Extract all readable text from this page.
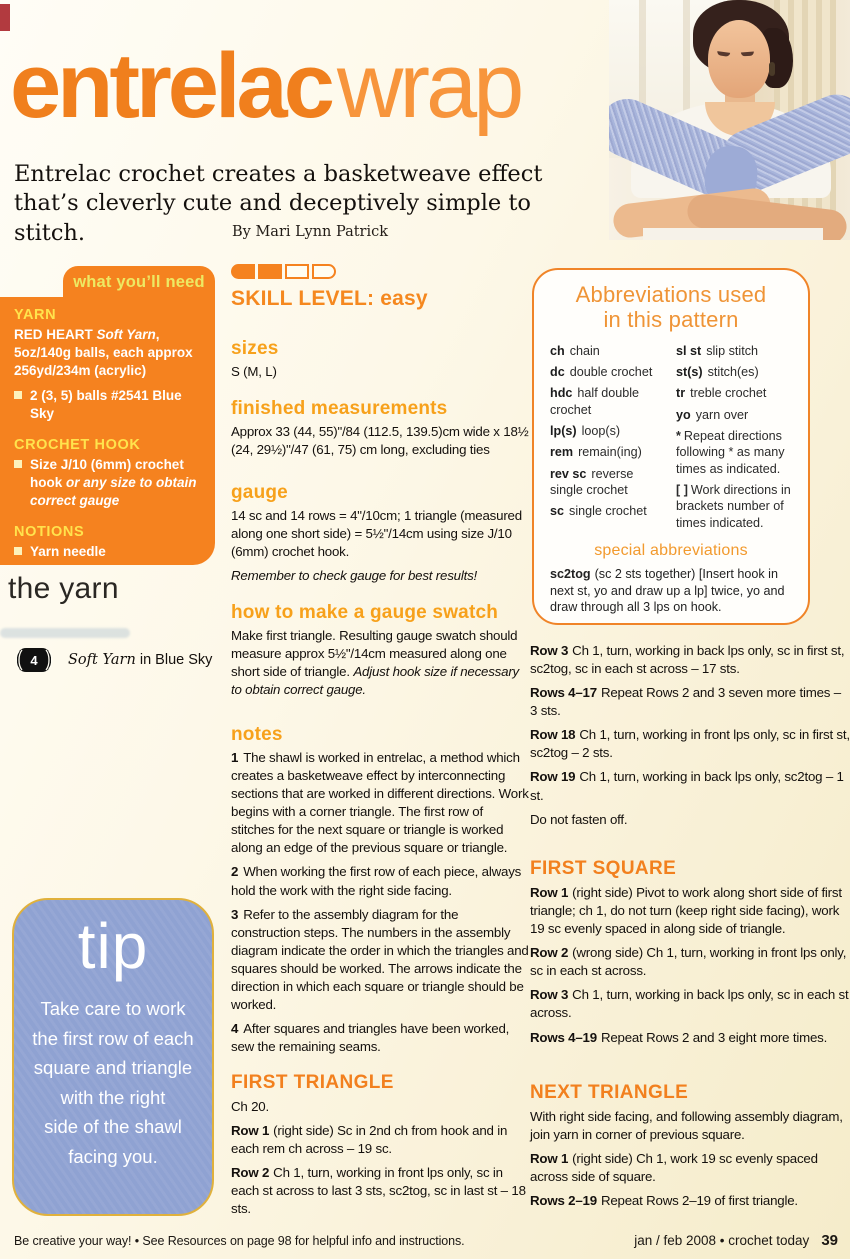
entrelacwrap
Entrelac crochet creates a basketweave effect that’s cleverly cute and deceptively simple to stitch.	By Mari Lynn Patrick
what you’ll need
YARN

RED HEART Soft Yarn, 5oz/140g balls, each approx 256yd/234m (acrylic)

2 (3, 5) balls #2541 Blue Sky
CROCHET HOOK
Size J/10 (6mm) crochet hook or any size to obtain correct gauge
NOTIONS
Yarn needle
the yarn
4 Soft Yarn in Blue Sky
tip
Take care to work
the first row of each
square and triangle
with the right
side of the shawl
facing you.
SKILL LEVEL: easy
sizes

S (M, L)

finished measurements

Approx 33 (44, 55)"/84 (112.5, 139.5)cm wide x 18½ (24, 29½)"/47 (61, 75) cm long, excluding ties

gauge

14 sc and 14 rows = 4"/10cm; 1 triangle (measured along one short side) = 5½"/14cm using size J/10 (6mm) crochet hook.

Remember to check gauge for best results!

how to make a gauge swatch

Make first triangle. Resulting gauge swatch should measure approx 5½"/14cm measured along one short side of triangle. Adjust hook size if necessary to obtain correct gauge.

notes

1 The shawl is worked in entrelac, a method which creates a basketweave effect by interconnecting sections that are worked in different directions. Work begins with a corner triangle. The first row of stitches for the next square or triangle is worked along an edge of the previous square or triangle.

2 When working the first row of each piece, always hold the work with the right side facing.

3 Refer to the assembly diagram for the construction steps. The numbers in the assembly diagram indicate the order in which the triangles and squares should be worked. The arrows indicate the direction in which each square or triangle should be worked.

4 After squares and triangles have been worked, sew the remaining seams.

FIRST TRIANGLE

Ch 20.

Row 1 (right side) Sc in 2nd ch from hook and in each rem ch across – 19 sc.

Row 2 Ch 1, turn, working in front lps only, sc in each st across to last 3 sts, sc2tog, sc in last st – 18 sts.

Abbreviations used
in this pattern
ch chain
dc double crochet
hdc half double crochet
lp(s) loop(s)
rem remain(ing)
rev sc reverse single crochet
sc single crochet
sl st slip stitch
st(s) stitch(es)
tr treble crochet
yo yarn over
* Repeat directions following * as many times as indicated.
[ ] Work directions in brackets number of times indicated.
special abbreviations
sc2tog (sc 2 sts together) [Insert hook in next st, yo and draw up a lp] twice, yo and draw through all 3 lps on hook.

Row 3 Ch 1, turn, working in back lps only, sc in first st, sc2tog, sc in each st across – 17 sts.

Rows 4–17 Repeat Rows 2 and 3 seven more times – 3 sts.

Row 18 Ch 1, turn, working in front lps only, sc in first st, sc2tog – 2 sts.

Row 19 Ch 1, turn, working in back lps only, sc2tog – 1 st.

Do not fasten off.

FIRST SQUARE

Row 1 (right side) Pivot to work along short side of first triangle; ch 1, do not turn (keep right side facing), work 19 sc evenly spaced in along side of triangle.

Row 2 (wrong side) Ch 1, turn, working in front lps only, sc in each st across.

Row 3 Ch 1, turn, working in back lps only, sc in each st across.

Rows 4–19 Repeat Rows 2 and 3 eight more times.

NEXT TRIANGLE

With right side facing, and following assembly diagram, join yarn in corner of previous square.

Row 1 (right side) Ch 1, work 19 sc evenly spaced across side of square.

Rows 2–19 Repeat Rows 2–19 of first triangle.

Be creative your way! • See Resources on page 98 for helpful info and instructions.	jan / feb 2008 • crochet today 39
